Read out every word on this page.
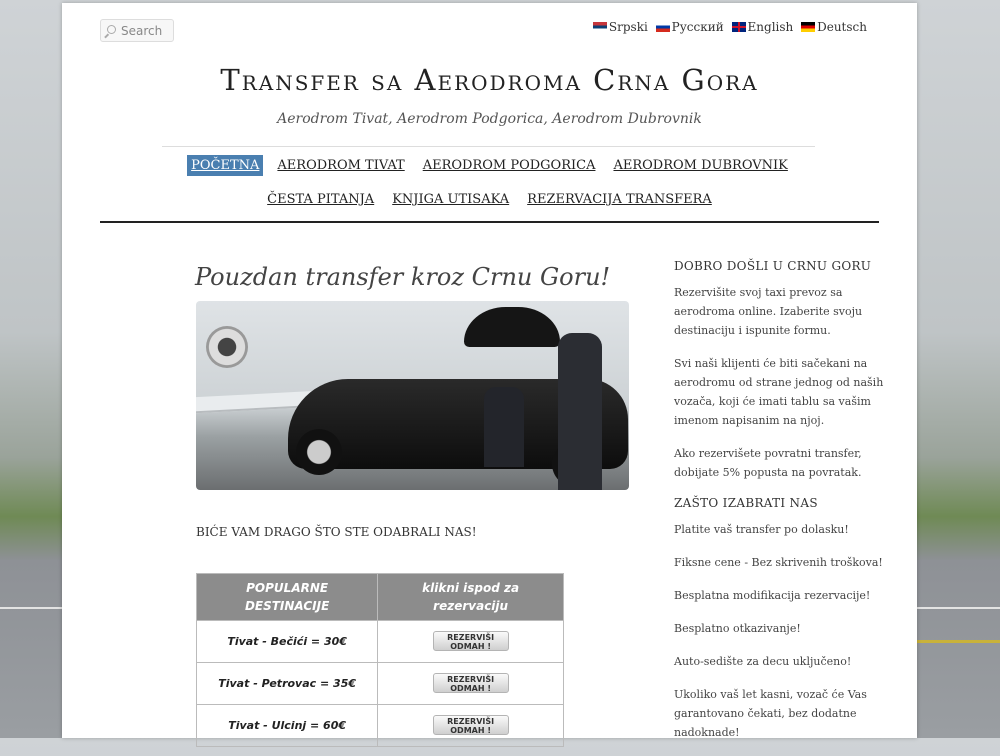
Search	Srpski
Русский
English
Deutsch
Transfer sa Aerodroma Crna Gora
Aerodrom Tivat, Aerodrom Podgorica, Aerodrom Dubrovnik
POČETNA AERODROM TIVAT AERODROM PODGORICA AERODROM DUBROVNIK
ČESTA PITANJA KNJIGA UTISAKA REZERVACIJA TRANSFERA
Pouzdan transfer kroz Crnu Goru!
BIĆE VAM DRAGO ŠTO STE ODABRALI NAS!
POPULARNE DESTINACIJE	klikni ispod za rezervaciju
Tivat - Bečići = 30€	REZERVIŠI
ODMAH !
Tivat - Petrovac = 35€	REZERVIŠI
ODMAH !
Tivat - Ulcinj = 60€	REZERVIŠI
ODMAH !
DOBRO DOŠLI U CRNU GORU

Rezervišite svoj taxi prevoz sa aerodroma online. Izaberite svoju destinaciju i ispunite formu.

Svi naši klijenti će biti sačekani na aerodromu od strane jednog od naših vozača, koji će imati tablu sa vašim imenom napisanim na njoj.

Ako rezervišete povratni transfer, dobijate 5% popusta na povratak.

ZAŠTO IZABRATI NAS

Platite vaš transfer po dolasku!

Fiksne cene - Bez skrivenih troškova!

Besplatna modifikacija rezervacije!

Besplatno otkazivanje!

Auto-sedište za decu uključeno!

Ukoliko vaš let kasni, vozač će Vas garantovano čekati, bez dodatne nadoknade!
